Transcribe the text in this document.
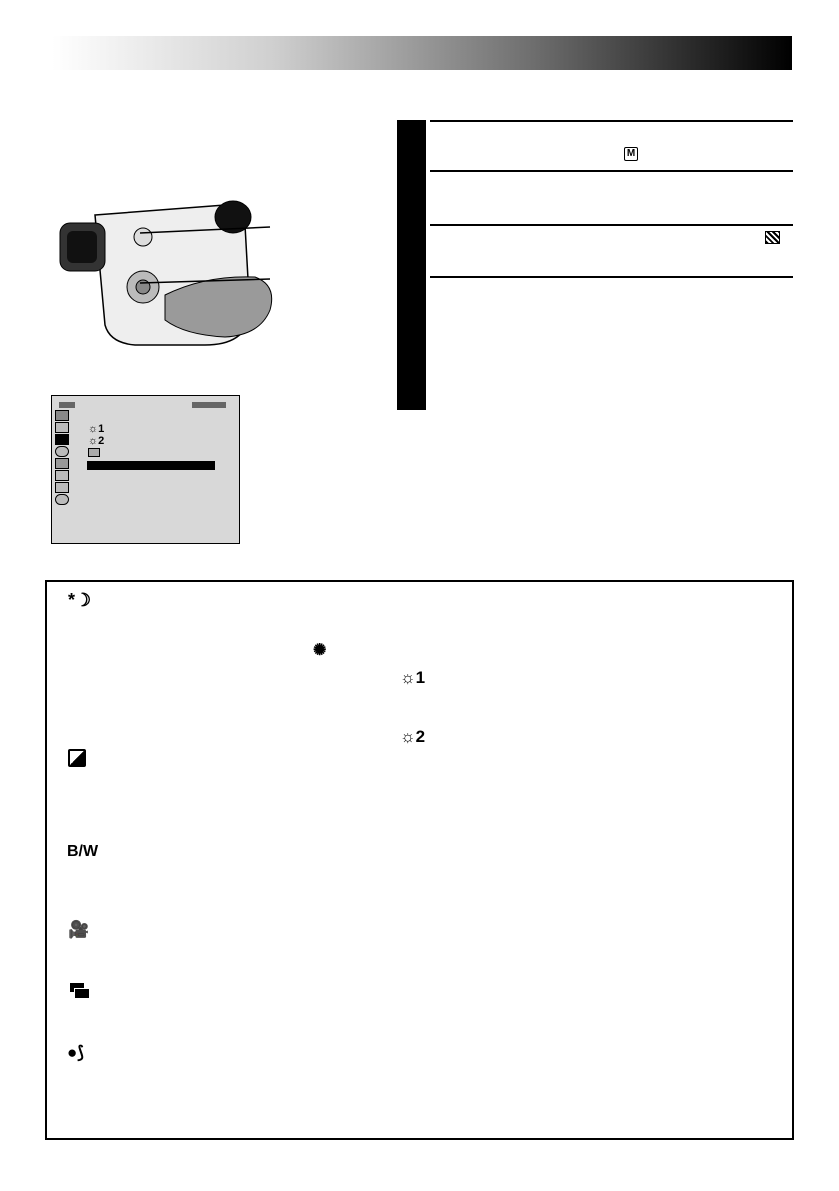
☼1
☼2
M
*☽
✺
B/W
🎥
●⟆
☼1
☼2
